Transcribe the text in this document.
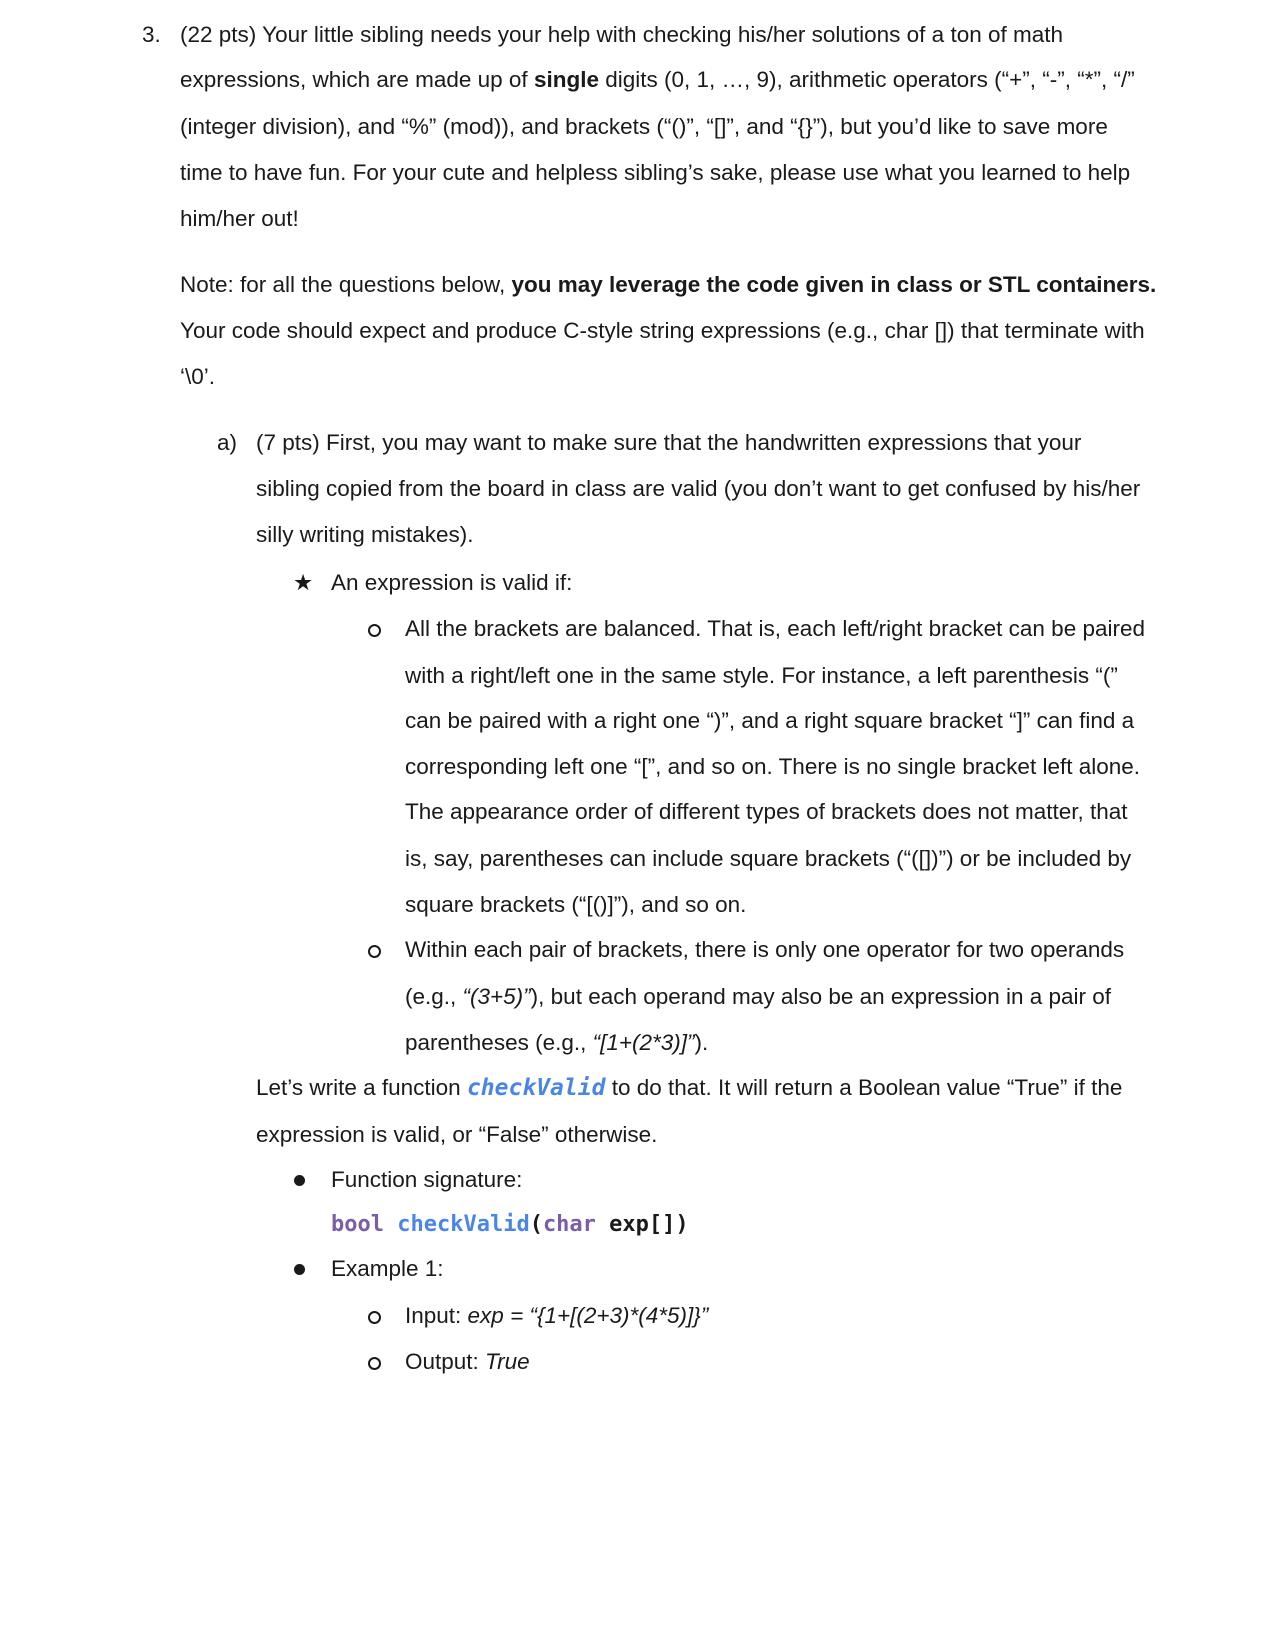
3. (22 pts) Your little sibling needs your help with checking his/her solutions of a ton of math
expressions, which are made up of single digits (0, 1, …, 9), arithmetic operators (“+”, “-”, “*”, “/”
(integer division), and “%” (mod)), and brackets (“()”, “[]”, and “{}”), but you’d like to save more
time to have fun. For your cute and helpless sibling’s sake, please use what you learned to help
him/her out!
Note: for all the questions below, you may leverage the code given in class or STL containers.
Your code should expect and produce C-style string expressions (e.g., char []) that terminate with
‘\0’.
a) (7 pts) First, you may want to make sure that the handwritten expressions that your
sibling copied from the board in class are valid (you don’t want to get confused by his/her
silly writing mistakes).
★ An expression is valid if:
All the brackets are balanced. That is, each left/right bracket can be paired
with a right/left one in the same style. For instance, a left parenthesis “(”
can be paired with a right one “)”, and a right square bracket “]” can find a
corresponding left one “[”, and so on. There is no single bracket left alone.
The appearance order of different types of brackets does not matter, that
is, say, parentheses can include square brackets (“([])”) or be included by
square brackets (“[()]”), and so on.
Within each pair of brackets, there is only one operator for two operands
(e.g., “(3+5)”), but each operand may also be an expression in a pair of
parentheses (e.g., “[1+(2*3)]”).
Let’s write a function checkValid to do that. It will return a Boolean value “True” if the
expression is valid, or “False” otherwise.
Function signature:
bool checkValid(char exp[])
Example 1:
Input: exp = “{1+[(2+3)*(4*5)]}”
Output: True
